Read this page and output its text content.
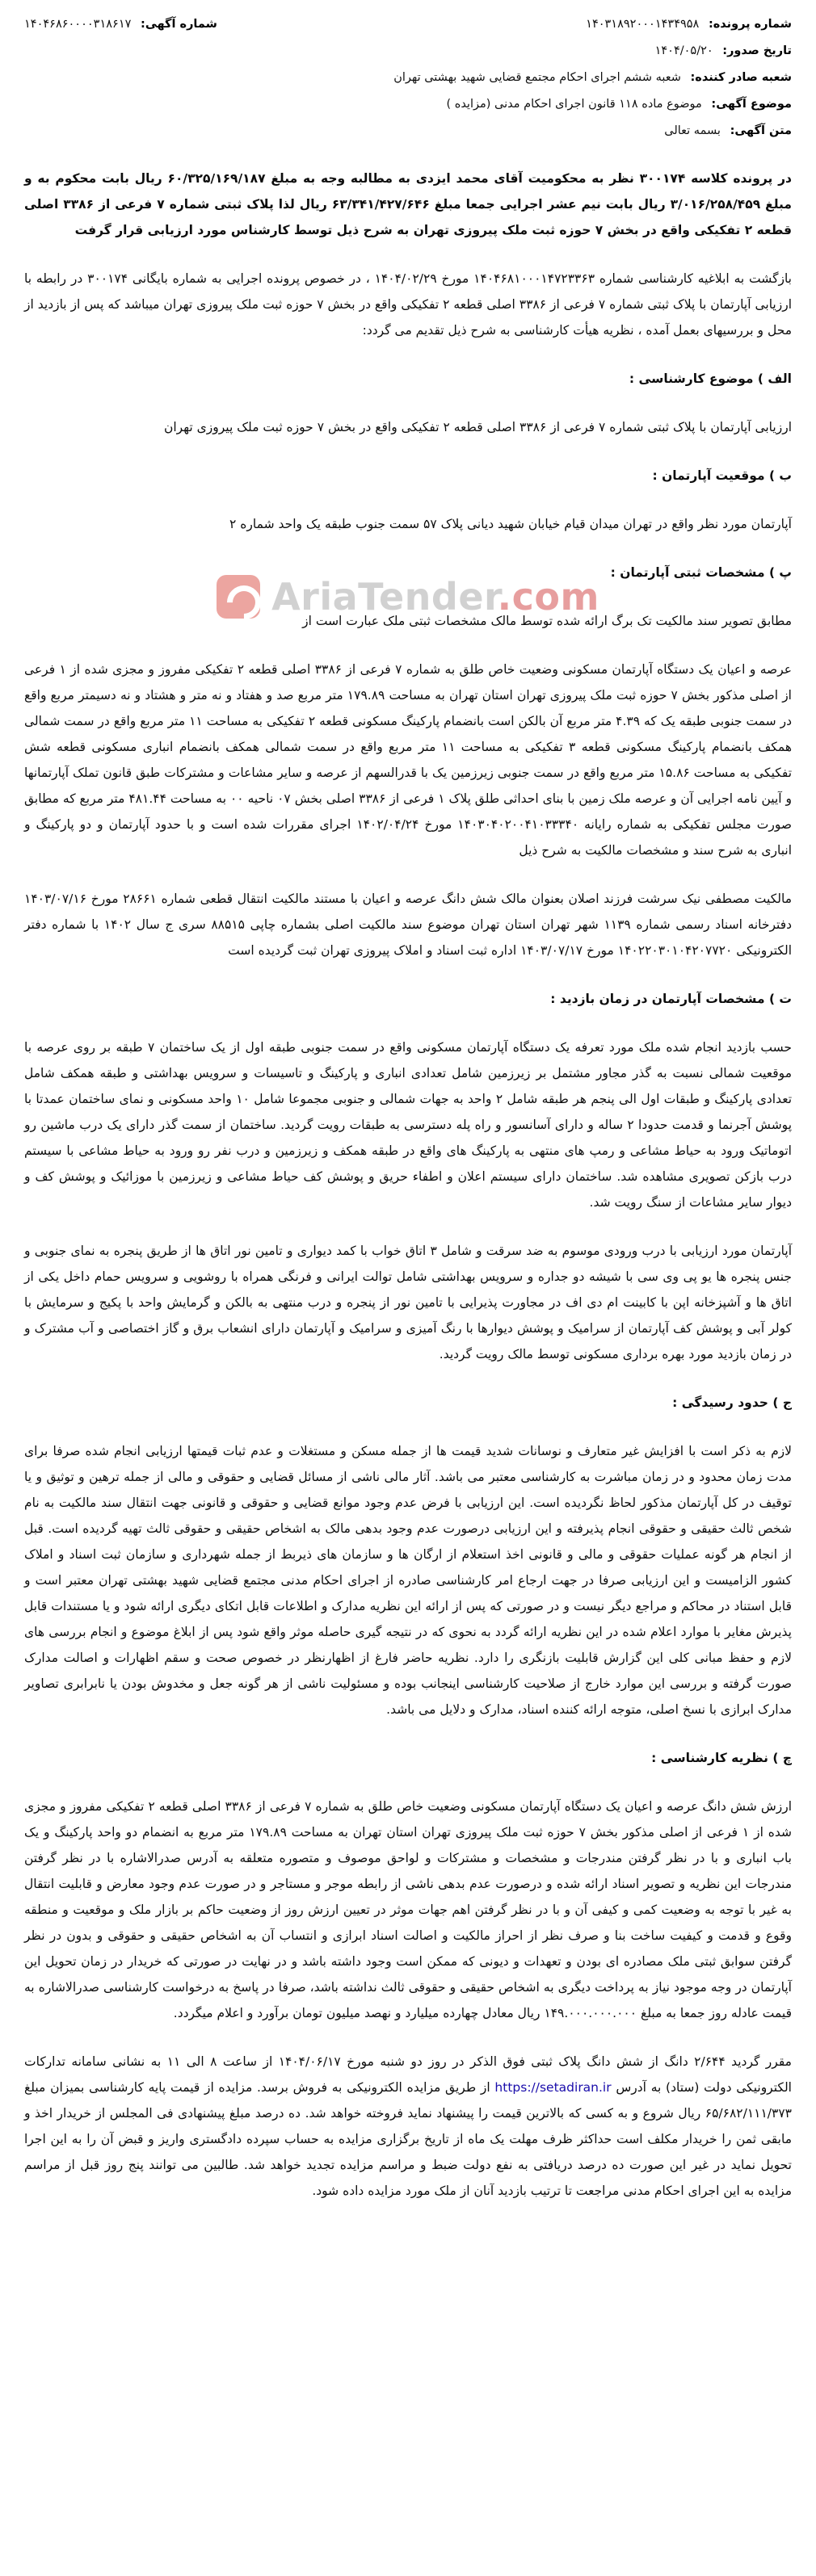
AriaTender.com
شماره پرونده: ۱۴۰۳۱۸۹۲۰۰۰۱۴۳۴۹۵۸
شماره آگهی: ۱۴۰۴۶۸۶۰۰۰۰۳۱۸۶۱۷
تاریخ صدور: ۱۴۰۴/۰۵/۲۰
شعبه صادر کننده: شعبه ششم اجرای احکام مجتمع قضایی شهید بهشتی تهران
موضوع آگهی: موضوع ماده ۱۱۸ قانون اجرای احکام مدنی (مزایده )
متن آگهی: بسمه تعالی

در پرونده کلاسه ۳۰۰۱۷۴ نظر به محکومیت آقای محمد ایزدی به مطالبه وجه به مبلغ ۶۰/۳۲۵/۱۶۹/۱۸۷ ریال بابت محکوم به و مبلغ ۳/۰۱۶/۲۵۸/۴۵۹ ریال بابت نیم عشر اجرایی جمعا مبلغ ۶۳/۳۴۱/۴۲۷/۶۴۶ ریال لذا پلاک ثبتی شماره ۷ فرعی از ۳۳۸۶ اصلی قطعه ۲ تفکیکی واقع در بخش ۷ حوزه ثبت ملک پیروزی تهران به شرح ذیل توسط کارشناس مورد ارزیابی قرار گرفت

بازگشت به ابلاغیه کارشناسی شماره ۱۴۰۴۶۸۱۰۰۰۱۴۷۲۳۳۶۳ مورخ ۱۴۰۴/۰۲/۲۹ ، در خصوص پرونده اجرایی به شماره بایگانی ۳۰۰۱۷۴ در رابطه با ارزیابی آپارتمان با پلاک ثبتی شماره ۷ فرعی از ۳۳۸۶ اصلی قطعه ۲ تفکیکی واقع در بخش ۷ حوزه ثبت ملک پیروزی تهران میباشد که پس از بازدید از محل و بررسیهای بعمل آمده ، نظریه هیأت کارشناسی به شرح ذیل تقدیم می گردد:

الف ) موضوع کارشناسی :

ارزیابی آپارتمان با پلاک ثبتی شماره ۷ فرعی از ۳۳۸۶ اصلی قطعه ۲ تفکیکی واقع در بخش ۷ حوزه ثبت ملک پیروزی تهران

ب ) موقعیت آپارتمان :

آپارتمان مورد نظر واقع در تهران میدان قیام خیابان شهید دیانی پلاک ۵۷ سمت جنوب طبقه یک واحد شماره ۲

پ ) مشخصات ثبتی آپارتمان :

مطابق تصویر سند مالکیت تک برگ ارائه شده توسط مالک مشخصات ثبتی ملک عبارت است از

عرصه و اعیان یک دستگاه آپارتمان مسکونی وضعیت خاص طلق به شماره ۷ فرعی از ۳۳۸۶ اصلی قطعه ۲ تفکیکی مفروز و مجزی شده از ۱ فرعی از اصلی مذکور بخش ۷ حوزه ثبت ملک پیروزی تهران استان تهران به مساحت ۱۷۹.۸۹ متر مربع صد و هفتاد و نه متر و هشتاد و نه دسیمتر مربع واقع در سمت جنوبی طبقه یک که ۴.۳۹ متر مربع آن بالکن است بانضمام پارکینگ مسکونی قطعه ۲ تفکیکی به مساحت ۱۱ متر مربع واقع در سمت شمالی همکف بانضمام پارکینگ مسکونی قطعه ۳ تفکیکی به مساحت ۱۱ متر مربع واقع در سمت شمالی همکف بانضمام انباری مسکونی قطعه شش تفکیکی به مساحت ۱۵.۸۶ متر مربع واقع در سمت جنوبی زیرزمین یک با قدرالسهم از عرصه و سایر مشاعات و مشترکات طبق قانون تملک آپارتمانها و آیین نامه اجرایی آن و عرصه ملک زمین با بنای احداثی طلق پلاک ۱ فرعی از ۳۳۸۶ اصلی بخش ۰۷ ناحیه ۰۰ به مساحت ۴۸۱.۴۴ متر مربع که مطابق صورت مجلس تفکیکی به شماره رایانه ۱۴۰۳۰۴۰۲۰۰۴۱۰۳۳۳۴۰ مورخ ۱۴۰۲/۰۴/۲۴ اجرای مقررات شده است و با حدود آپارتمان و دو پارکینگ و انباری به شرح سند و مشخصات مالکیت به شرح ذیل

مالکیت مصطفی نیک سرشت فرزند اصلان بعنوان مالک شش دانگ عرصه و اعیان با مستند مالکیت انتقال قطعی شماره ۲۸۶۶۱ مورخ ۱۴۰۳/۰۷/۱۶ دفترخانه اسناد رسمی شماره ۱۱۳۹ شهر تهران استان تهران موضوع سند مالکیت اصلی بشماره چاپی ۸۸۵۱۵ سری ج سال ۱۴۰۲ با شماره دفتر الکترونیکی ۱۴۰۲۲۰۳۰۱۰۴۲۰۷۷۲۰ مورخ ۱۴۰۳/۰۷/۱۷ اداره ثبت اسناد و املاک پیروزی تهران ثبت گردیده است

ت ) مشخصات آپارتمان در زمان بازدید :

حسب بازدید انجام شده ملک مورد تعرفه یک دستگاه آپارتمان مسکونی واقع در سمت جنوبی طبقه اول از یک ساختمان ۷ طبقه بر روی عرصه با موقعیت شمالی نسبت به گذر مجاور مشتمل بر زیرزمین شامل تعدادی انباری و پارکینگ و تاسیسات و سرویس بهداشتی و طبقه همکف شامل تعدادی پارکینگ و طبقات اول الی پنجم هر طبقه شامل ۲ واحد به جهات شمالی و جنوبی مجموعا شامل ۱۰ واحد مسکونی و نمای ساختمان عمدتا با پوشش آجرنما و قدمت حدودا ۲ ساله و دارای آسانسور و راه پله دسترسی به طبقات رویت گردید. ساختمان از سمت گذر دارای یک درب ماشین رو اتوماتیک ورود به حیاط مشاعی و رمپ های منتهی به پارکینگ های واقع در طبقه همکف و زیرزمین و درب نفر رو ورود به حیاط مشاعی با سیستم درب بازکن تصویری مشاهده شد. ساختمان دارای سیستم اعلان و اطفاء حریق و پوشش کف حیاط مشاعی و زیرزمین با موزائیک و پوشش کف و دیوار سایر مشاعات از سنگ رویت شد.

آپارتمان مورد ارزیابی با درب ورودی موسوم به ضد سرقت و شامل ۳ اتاق خواب با کمد دیواری و تامین نور اتاق ها از طریق پنجره به نمای جنوبی و جنس پنجره ها یو پی وی سی با شیشه دو جداره و سرویس بهداشتی شامل توالت ایرانی و فرنگی همراه با روشویی و سرویس حمام داخل یکی از اتاق ها و آشپزخانه اپن با کابینت ام دی اف در مجاورت پذیرایی با تامین نور از پنجره و درب منتهی به بالکن و گرمایش واحد با پکیج و سرمایش با کولر آبی و پوشش کف آپارتمان از سرامیک و پوشش دیوارها با رنگ آمیزی و سرامیک و آپارتمان دارای انشعاب برق و گاز اختصاصی و آب مشترک و در زمان بازدید مورد بهره برداری مسکونی توسط مالک رویت گردید.

ج ) حدود رسیدگی :

لازم به ذکر است با افزایش غیر متعارف و نوسانات شدید قیمت ها از جمله مسکن و مستغلات و عدم ثبات قیمتها ارزیابی انجام شده صرفا برای مدت زمان محدود و در زمان مباشرت به کارشناسی معتبر می باشد. آثار مالی ناشی از مسائل قضایی و حقوقی و مالی از جمله ترهین و توثیق و یا توقیف در کل آپارتمان مذکور لحاظ نگردیده است. این ارزیابی با فرض عدم وجود موانع قضایی و حقوقی و قانونی جهت انتقال سند مالکیت به نام شخص ثالث حقیقی و حقوقی انجام پذیرفته و این ارزیابی درصورت عدم وجود بدهی مالک به اشخاص حقیقی و حقوقی ثالث تهیه گردیده است. قبل از انجام هر گونه عملیات حقوقی و مالی و قانونی اخذ استعلام از ارگان ها و سازمان های ذیربط از جمله شهرداری و سازمان ثبت اسناد و املاک کشور الزامیست و این ارزیابی صرفا در جهت ارجاع امر کارشناسی صادره از اجرای احکام مدنی مجتمع قضایی شهید بهشتی تهران معتبر است و قابل استناد در محاکم و مراجع دیگر نیست و در صورتی که پس از ارائه این نظریه مدارک و اطلاعات قابل اتکای دیگری ارائه شود و یا مستندات قابل پذیرش مغایر با موارد اعلام شده در این نظریه ارائه گردد به نحوی که در نتیجه گیری حاصله موثر واقع شود پس از ابلاغ موضوع و انجام بررسی های لازم و حفظ مبانی کلی این گزارش قابلیت بازنگری را دارد. نظریه حاضر فارغ از اظهارنظر در خصوص صحت و سقم اظهارات و اصالت مدارک صورت گرفته و بررسی این موارد خارج از صلاحیت کارشناسی اینجانب بوده و مسئولیت ناشی از هر گونه جعل و مخدوش بودن یا نابرابری تصاویر مدارک ابرازی با نسخ اصلی، متوجه ارائه کننده اسناد، مدارک و دلایل می باشد.

چ ) نظریه کارشناسی :

ارزش شش دانگ عرصه و اعیان یک دستگاه آپارتمان مسکونی وضعیت خاص طلق به شماره ۷ فرعی از ۳۳۸۶ اصلی قطعه ۲ تفکیکی مفروز و مجزی شده از ۱ فرعی از اصلی مذکور بخش ۷ حوزه ثبت ملک پیروزی تهران استان تهران به مساحت ۱۷۹.۸۹ متر مربع به انضمام دو واحد پارکینگ و یک باب انباری و با در نظر گرفتن مندرجات و مشخصات و مشترکات و لواحق موصوف و متصوره متعلقه به آدرس صدرالاشاره با در نظر گرفتن مندرجات این نظریه و تصویر اسناد ارائه شده و درصورت عدم بدهی ناشی از رابطه موجر و مستاجر و در صورت عدم وجود معارض و قابلیت انتقال به غیر با توجه به وضعیت کمی و کیفی آن و با در نظر گرفتن اهم جهات موثر در تعیین ارزش روز از وضعیت حاکم بر بازار ملک و موقعیت و منطقه وقوع و قدمت و کیفیت ساخت بنا و صرف نظر از احراز مالکیت و اصالت اسناد ابرازی و انتساب آن به اشخاص حقیقی و حقوقی و بدون در نظر گرفتن سوابق ثبتی ملک مصادره ای بودن و تعهدات و دیونی که ممکن است وجود داشته باشد و در نهایت در صورتی که خریدار در زمان تحویل این آپارتمان در وجه موجود نیاز به پرداخت دیگری به اشخاص حقیقی و حقوقی ثالث نداشته باشد، صرفا در پاسخ به درخواست کارشناسی صدرالاشاره به قیمت عادله روز جمعا به مبلغ ۱۴۹.۰۰۰.۰۰۰.۰۰۰ ریال معادل چهارده میلیارد و نهصد میلیون تومان برآورد و اعلام میگردد.

مقرر گردید ۲/۶۴۴ دانگ از شش دانگ پلاک ثبتی فوق الذکر در روز دو شنبه مورخ ۱۴۰۴/۰۶/۱۷ از ساعت ۸ الی ۱۱ به نشانی سامانه تدارکات الکترونیکی دولت (ستاد) به آدرس https://setadiran.ir از طریق مزایده الکترونیکی به فروش برسد. مزایده از قیمت پایه کارشناسی بمیزان مبلغ ۶۵/۶۸۲/۱۱۱/۳۷۳ ریال شروع و به کسی که بالاترین قیمت را پیشنهاد نماید فروخته خواهد شد. ده درصد مبلغ پیشنهادی فی المجلس از خریدار اخذ و مابقی ثمن را خریدار مکلف است حداکثر ظرف مهلت یک ماه از تاریخ برگزاری مزایده به حساب سپرده دادگستری واریز و قبض آن را به این اجرا تحویل نماید در غیر این صورت ده درصد دریافتی به نفع دولت ضبط و مراسم مزایده تجدید خواهد شد. طالبین می توانند پنج روز قبل از مراسم مزایده به این اجرای احکام مدنی مراجعت تا ترتیب بازدید آنان از ملک مورد مزایده داده شود.
